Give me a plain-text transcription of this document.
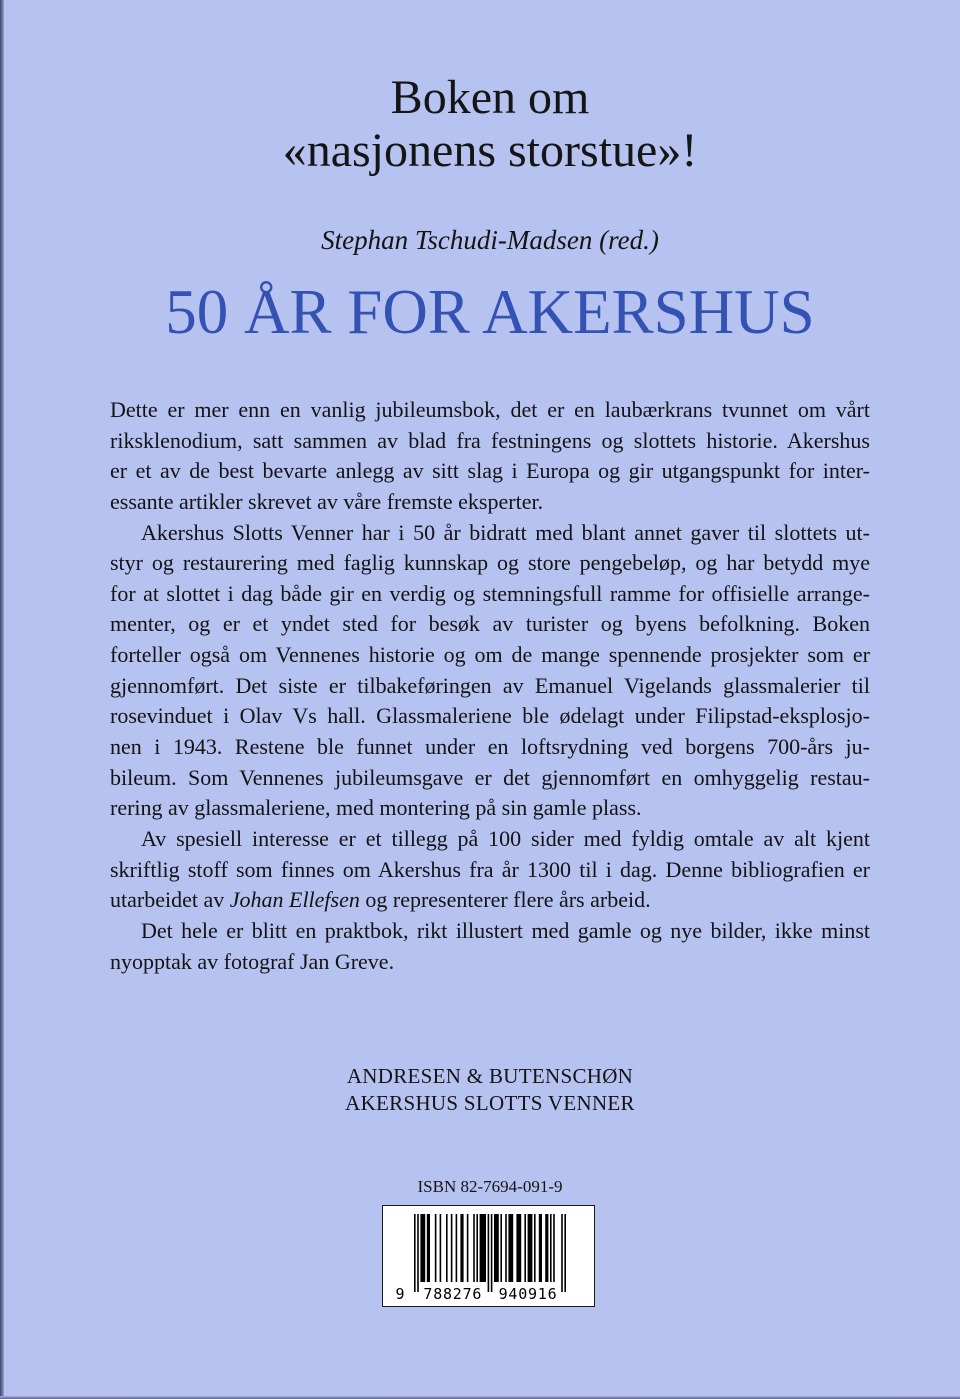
Boken om
«nasjonens storstue»!
Stephan Tschudi-Madsen (red.)
50 ÅR FOR AKERSHUS
Dette er mer enn en vanlig jubileumsbok, det er en laubærkrans tvunnet om vårt
riksklenodium, satt sammen av blad fra festningens og slottets historie. Akershus
er et av de best bevarte anlegg av sitt slag i Europa og gir utgangspunkt for inter-
essante artikler skrevet av våre fremste eksperter.
Akershus Slotts Venner har i 50 år bidratt med blant annet gaver til slottets ut-
styr og restaurering med faglig kunnskap og store pengebeløp, og har betydd mye
for at slottet i dag både gir en verdig og stemningsfull ramme for offisielle arrange-
menter, og er et yndet sted for besøk av turister og byens befolkning. Boken
forteller også om Vennenes historie og om de mange spennende prosjekter som er
gjennomført. Det siste er tilbakeføringen av Emanuel Vigelands glassmalerier til
rosevinduet i Olav Vs hall. Glassmaleriene ble ødelagt under Filipstad-eksplosjo-
nen i 1943. Restene ble funnet under en loftsrydning ved borgens 700-års ju-
bileum. Som Vennenes jubileumsgave er det gjennomført en omhyggelig restau-
rering av glassmaleriene, med montering på sin gamle plass.
Av spesiell interesse er et tillegg på 100 sider med fyldig omtale av alt kjent
skriftlig stoff som finnes om Akershus fra år 1300 til i dag. Denne bibliografien er
utarbeidet av Johan Ellefsen og representerer flere års arbeid.
Det hele er blitt en praktbok, rikt illustert med gamle og nye bilder, ikke minst
nyopptak av fotograf Jan Greve.
ANDRESEN & BUTENSCHØN
AKERSHUS SLOTTS VENNER
ISBN 82-7694-091-9
9 788276 940916
